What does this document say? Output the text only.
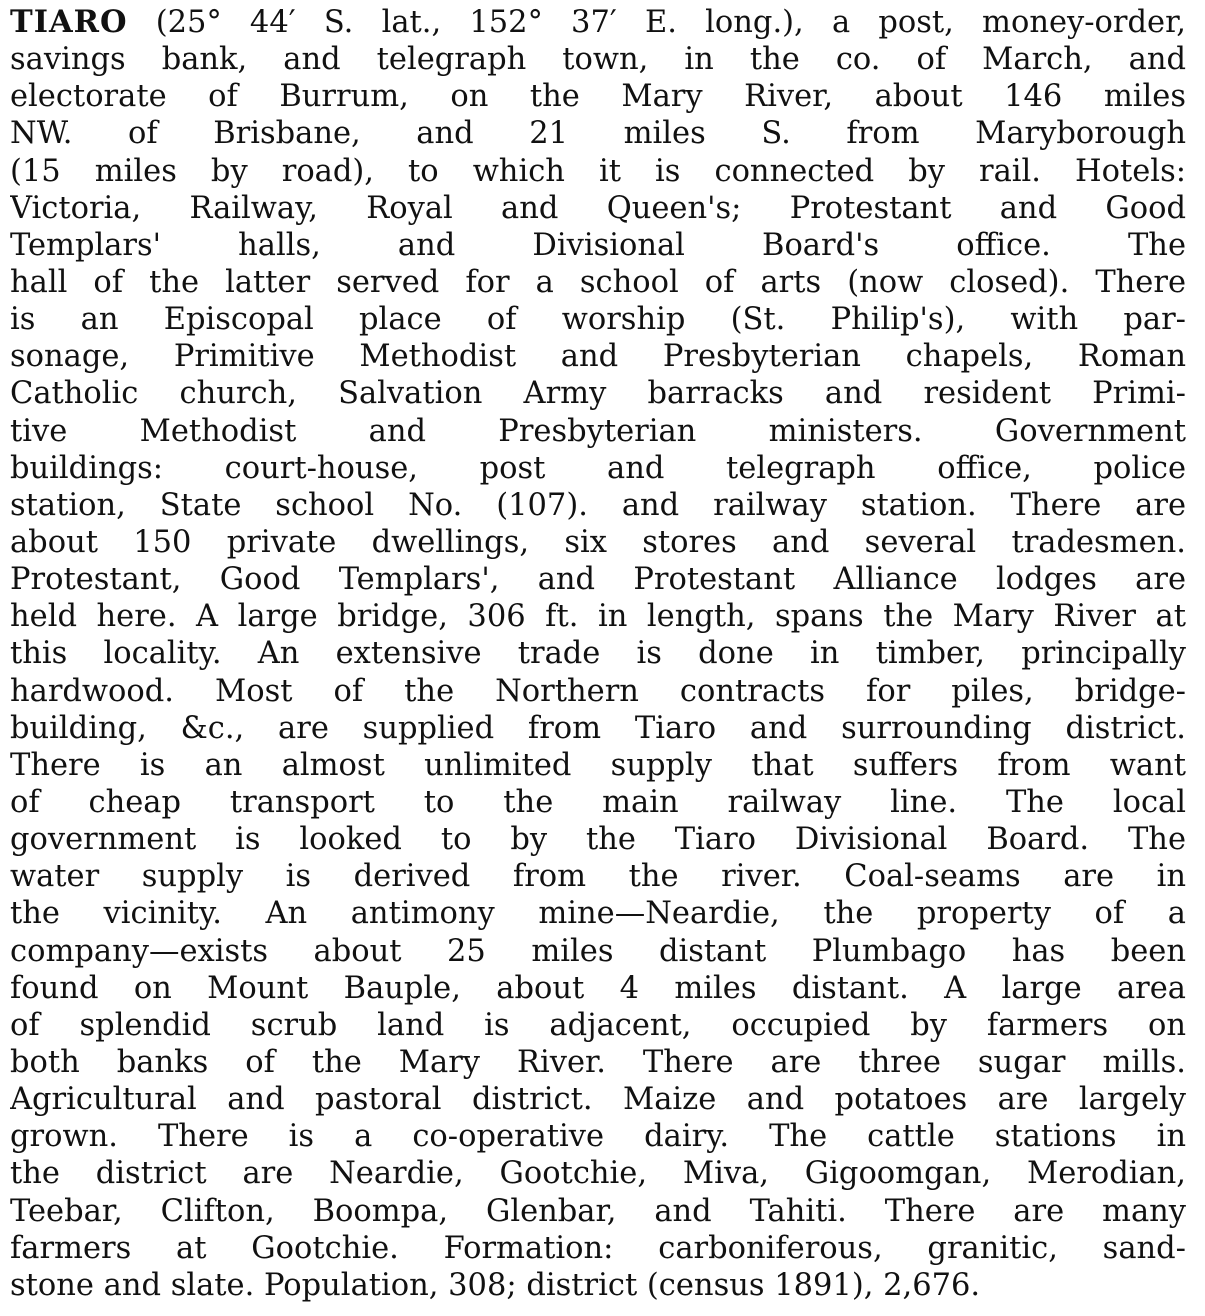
TIARO (25° 44′ S. lat., 152° 37′ E. long.), a post, money-order,
savings bank, and telegraph town, in the co. of March, and
electorate of Burrum, on the Mary River, about 146 miles
NW. of Brisbane, and 21 miles S. from Maryborough
(15 miles by road), to which it is connected by rail. Hotels:
Victoria, Railway, Royal and Queen's; Protestant and Good
Templars' halls, and Divisional Board's office. The
hall of the latter served for a school of arts (now closed). There
is an Episcopal place of worship (St. Philip's), with par-
sonage, Primitive Methodist and Presbyterian chapels, Roman
Catholic church, Salvation Army barracks and resident Primi-
tive Methodist and Presbyterian ministers. Government
buildings: court-house, post and telegraph office, police
station, State school No. (107). and railway station. There are
about 150 private dwellings, six stores and several tradesmen.
Protestant, Good Templars', and Protestant Alliance lodges are
held here. A large bridge, 306 ft. in length, spans the Mary River at
this locality. An extensive trade is done in timber, principally
hardwood. Most of the Northern contracts for piles, bridge-
building, &c., are supplied from Tiaro and surrounding district.
There is an almost unlimited supply that suffers from want
of cheap transport to the main railway line. The local
government is looked to by the Tiaro Divisional Board. The
water supply is derived from the river. Coal-seams are in
the vicinity. An antimony mine—Neardie, the property of a
company—exists about 25 miles distant Plumbago has been
found on Mount Bauple, about 4 miles distant. A large area
of splendid scrub land is adjacent, occupied by farmers on
both banks of the Mary River. There are three sugar mills.
Agricultural and pastoral district. Maize and potatoes are largely
grown. There is a co-operative dairy. The cattle stations in
the district are Neardie, Gootchie, Miva, Gigoomgan, Merodian,
Teebar, Clifton, Boompa, Glenbar, and Tahiti. There are many
farmers at Gootchie. Formation: carboniferous, granitic, sand-
stone and slate. Population, 308; district (census 1891), 2,676.
